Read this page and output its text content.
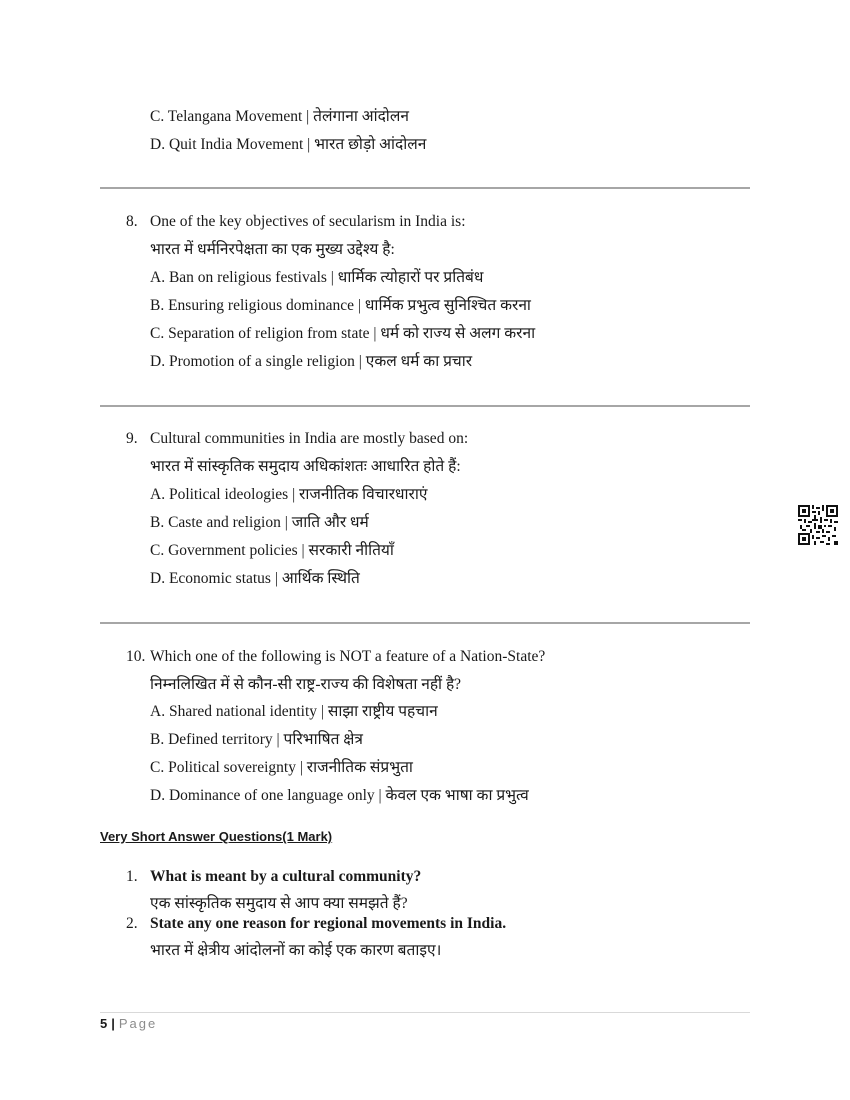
C. Telangana Movement | तेलंगाना आंदोलन
D. Quit India Movement | भारत छोड़ो आंदोलन
8. One of the key objectives of secularism in India is:
भारत में धर्मनिरपेक्षता का एक मुख्य उद्देश्य है:
A. Ban on religious festivals | धार्मिक त्योहारों पर प्रतिबंध
B. Ensuring religious dominance | धार्मिक प्रभुत्व सुनिश्चित करना
C. Separation of religion from state | धर्म को राज्य से अलग करना
D. Promotion of a single religion | एकल धर्म का प्रचार
9. Cultural communities in India are mostly based on:
भारत में सांस्कृतिक समुदाय अधिकांशतः आधारित होते हैं:
A. Political ideologies | राजनीतिक विचारधाराएं
B. Caste and religion | जाति और धर्म
C. Government policies | सरकारी नीतियाँ
D. Economic status | आर्थिक स्थिति
10. Which one of the following is NOT a feature of a Nation-State?
निम्नलिखित में से कौन-सी राष्ट्र-राज्य की विशेषता नहीं है?
A. Shared national identity | साझा राष्ट्रीय पहचान
B. Defined territory | परिभाषित क्षेत्र
C. Political sovereignty | राजनीतिक संप्रभुता
D. Dominance of one language only | केवल एक भाषा का प्रभुत्व
Very Short Answer Questions(1 Mark)
1. What is meant by a cultural community?
एक सांस्कृतिक समुदाय से आप क्या समझते हैं?
2. State any one reason for regional movements in India.
भारत में क्षेत्रीय आंदोलनों का कोई एक कारण बताइए।
5 | Page
